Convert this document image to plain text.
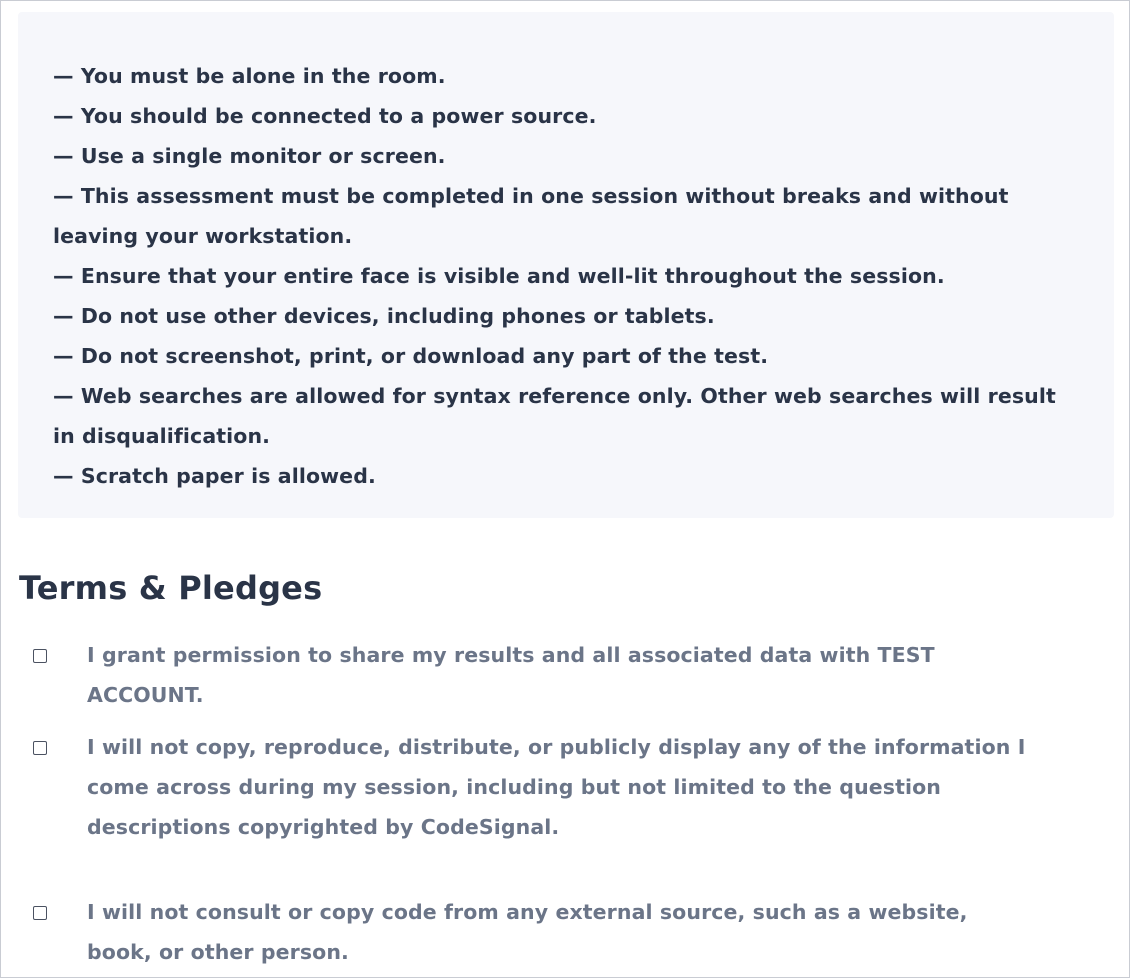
— You must be alone in the room.
— You should be connected to a power source.
— Use a single monitor or screen.
— This assessment must be completed in one session without breaks and without leaving your workstation.
— Ensure that your entire face is visible and well-lit throughout the session.
— Do not use other devices, including phones or tablets.
— Do not screenshot, print, or download any part of the test.
— Web searches are allowed for syntax reference only. Other web searches will result in disqualification.
— Scratch paper is allowed.
Terms & Pledges
I grant permission to share my results and all associated data with TEST ACCOUNT.
I will not copy, reproduce, distribute, or publicly display any of the information I come across during my session, including but not limited to the question descriptions copyrighted by CodeSignal.
I will not consult or copy code from any external source, such as a website, book, or other person.
